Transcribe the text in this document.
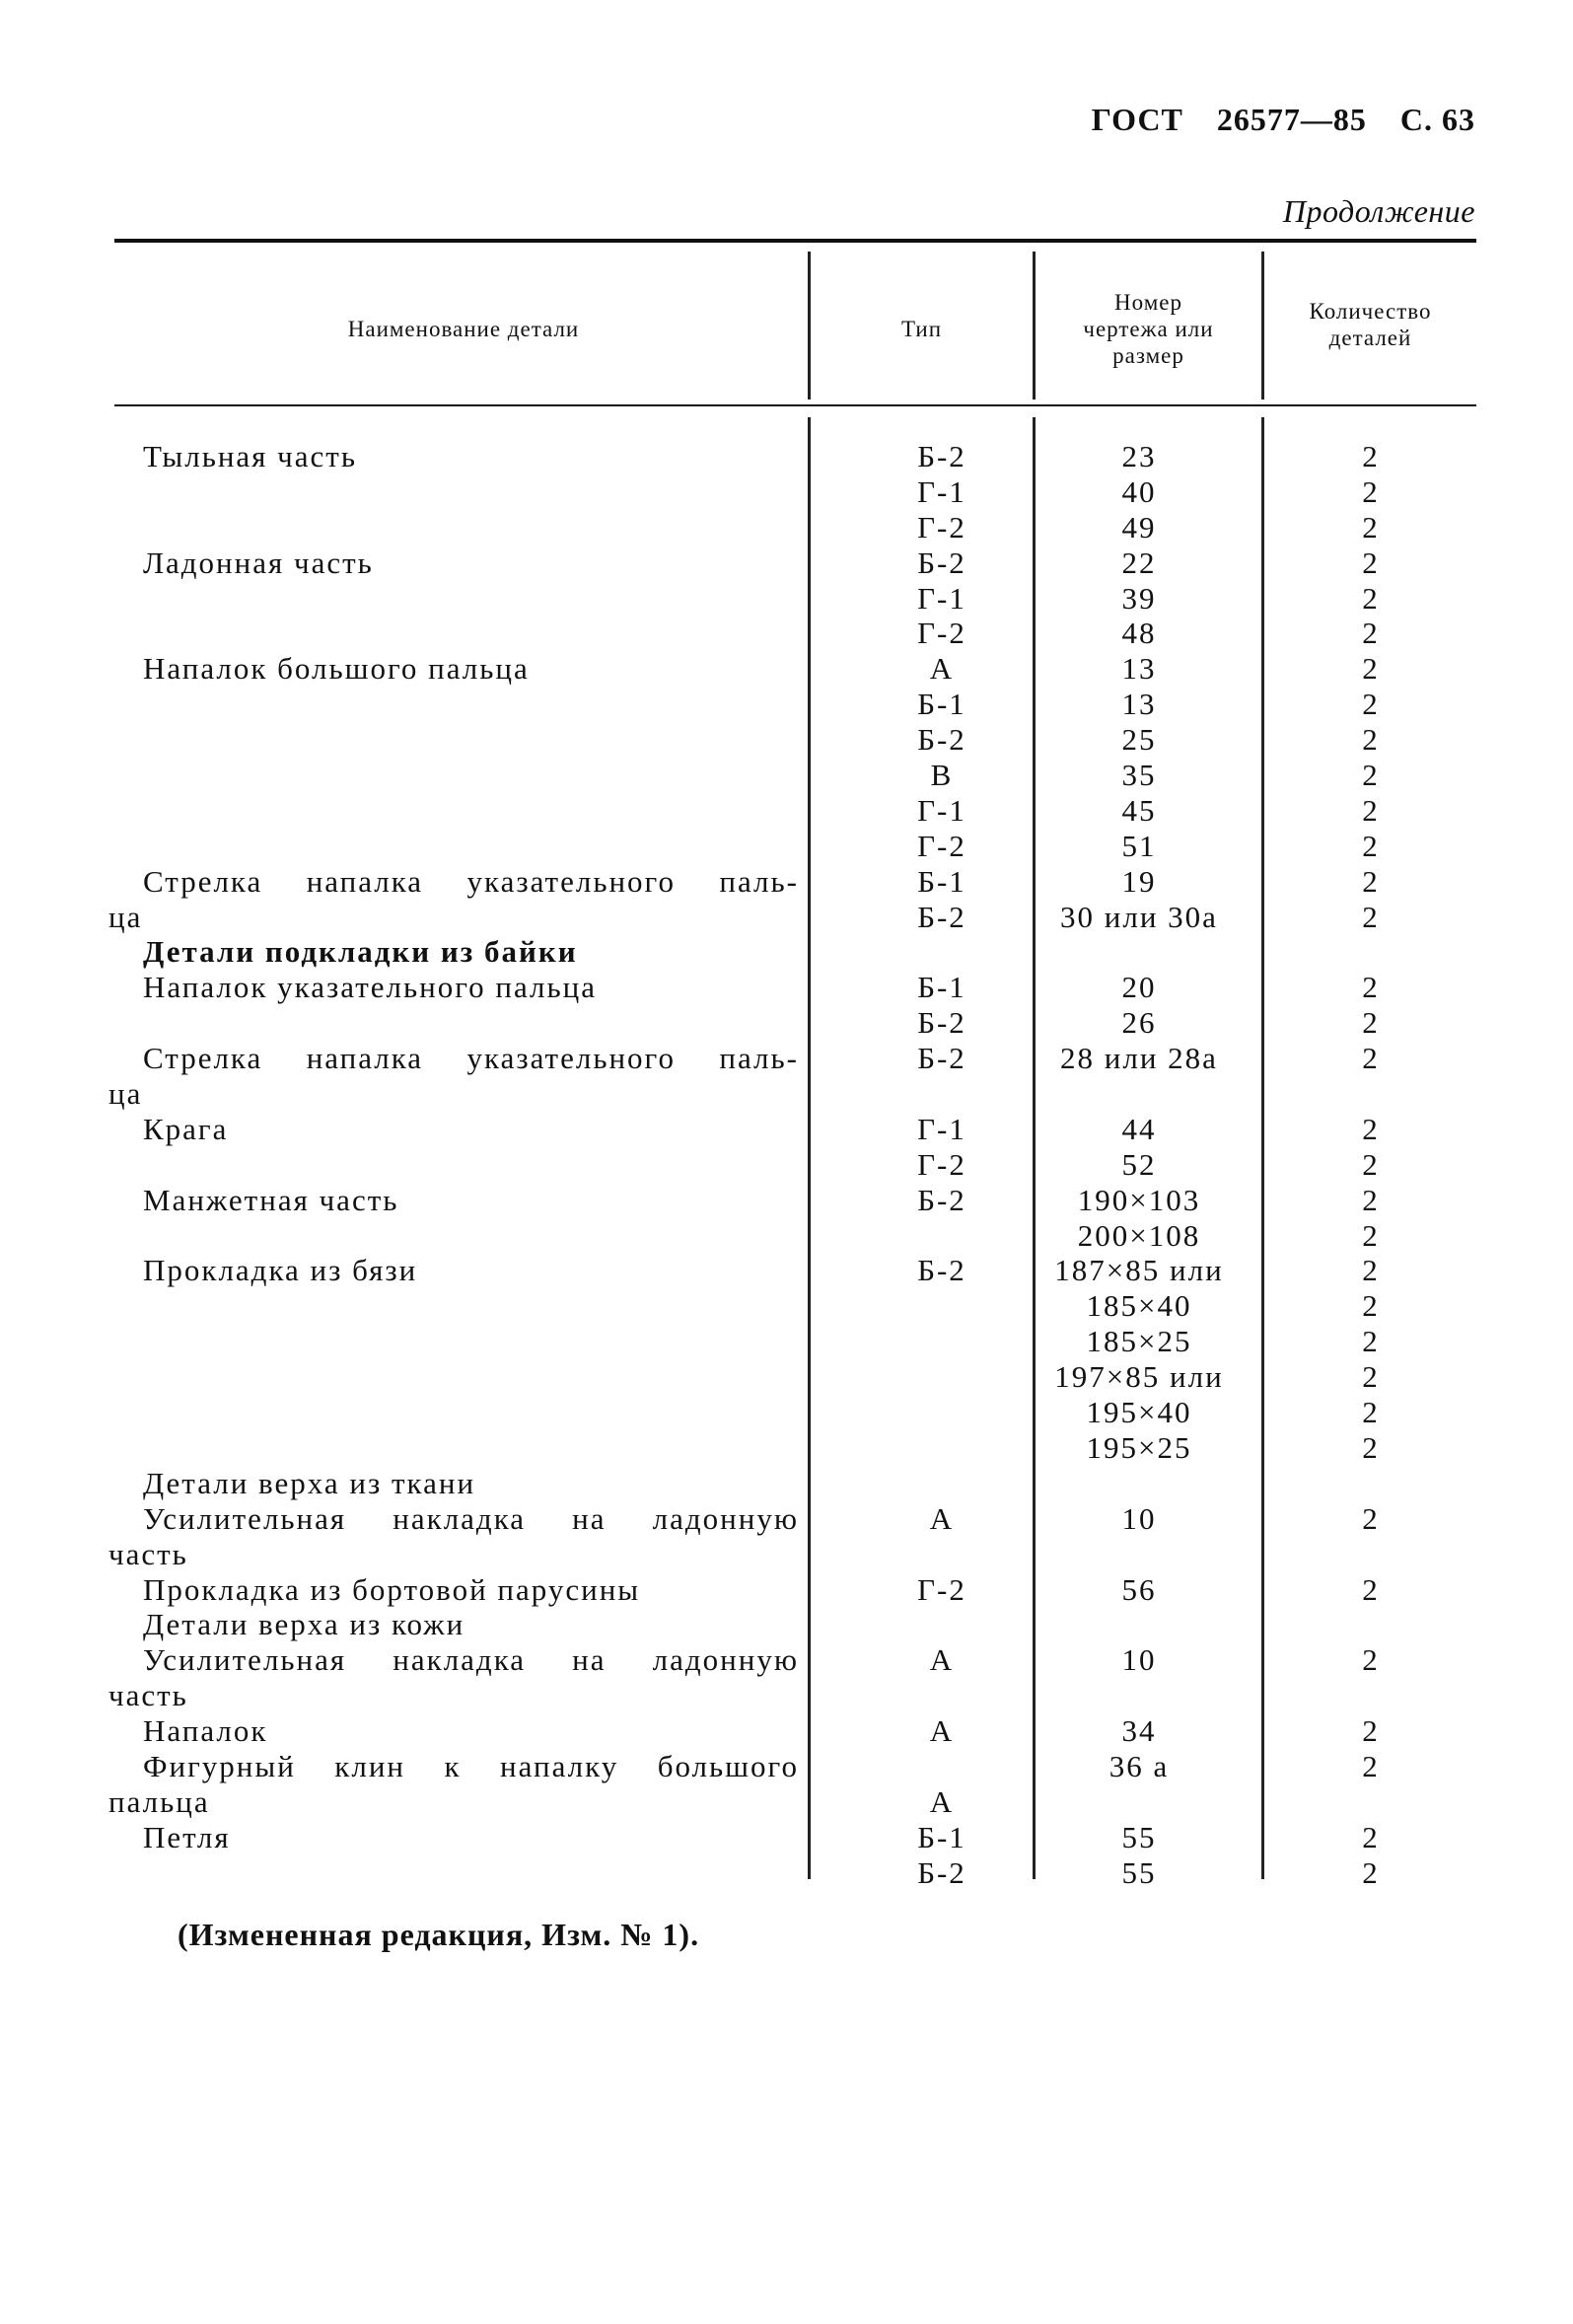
ГОСТ 26577—85 С. 63
Продолжение
Наименование детали	Тип
Номер
чертежа или
размер
Количество
деталей
Тыльная часть
Ладонная часть
Напалок большого пальца
Стрелка напалка указательного паль-
ца
Детали подкладки из байки
Напалок указательного пальца
Стрелка напалка указательного паль-
ца
Крага
Манжетная часть
Прокладка из бязи
Детали верха из ткани
Усилительная накладка на ладонную
часть
Прокладка из бортовой парусины
Детали верха из кожи
Усилительная накладка на ладонную
часть
Напалок
Фигурный клин к напалку большого
пальца
Петля
Б-2
Г-1
Г-2
Б-2
Г-1
Г-2
А
Б-1
Б-2
В
Г-1
Г-2
Б-1
Б-2
Б-1
Б-2
Б-2
Г-1
Г-2
Б-2
Б-2
А
Г-2
А
А
А
Б-1
Б-2
23
40
49
22
39
48
13
13
25
35
45
51
19
30 или 30а
20
26
28 или 28а
44
52
190×103
200×108
187×85 или
185×40
185×25
197×85 или
195×40
195×25
10
56
10
34
36 а
55
55
2
2
2
2
2
2
2
2
2
2
2
2
2
2
2
2
2
2
2
2
2
2
2
2
2
2
2
2
2
2
2
2
2
2
(Измененная редакция, Изм. № 1).
